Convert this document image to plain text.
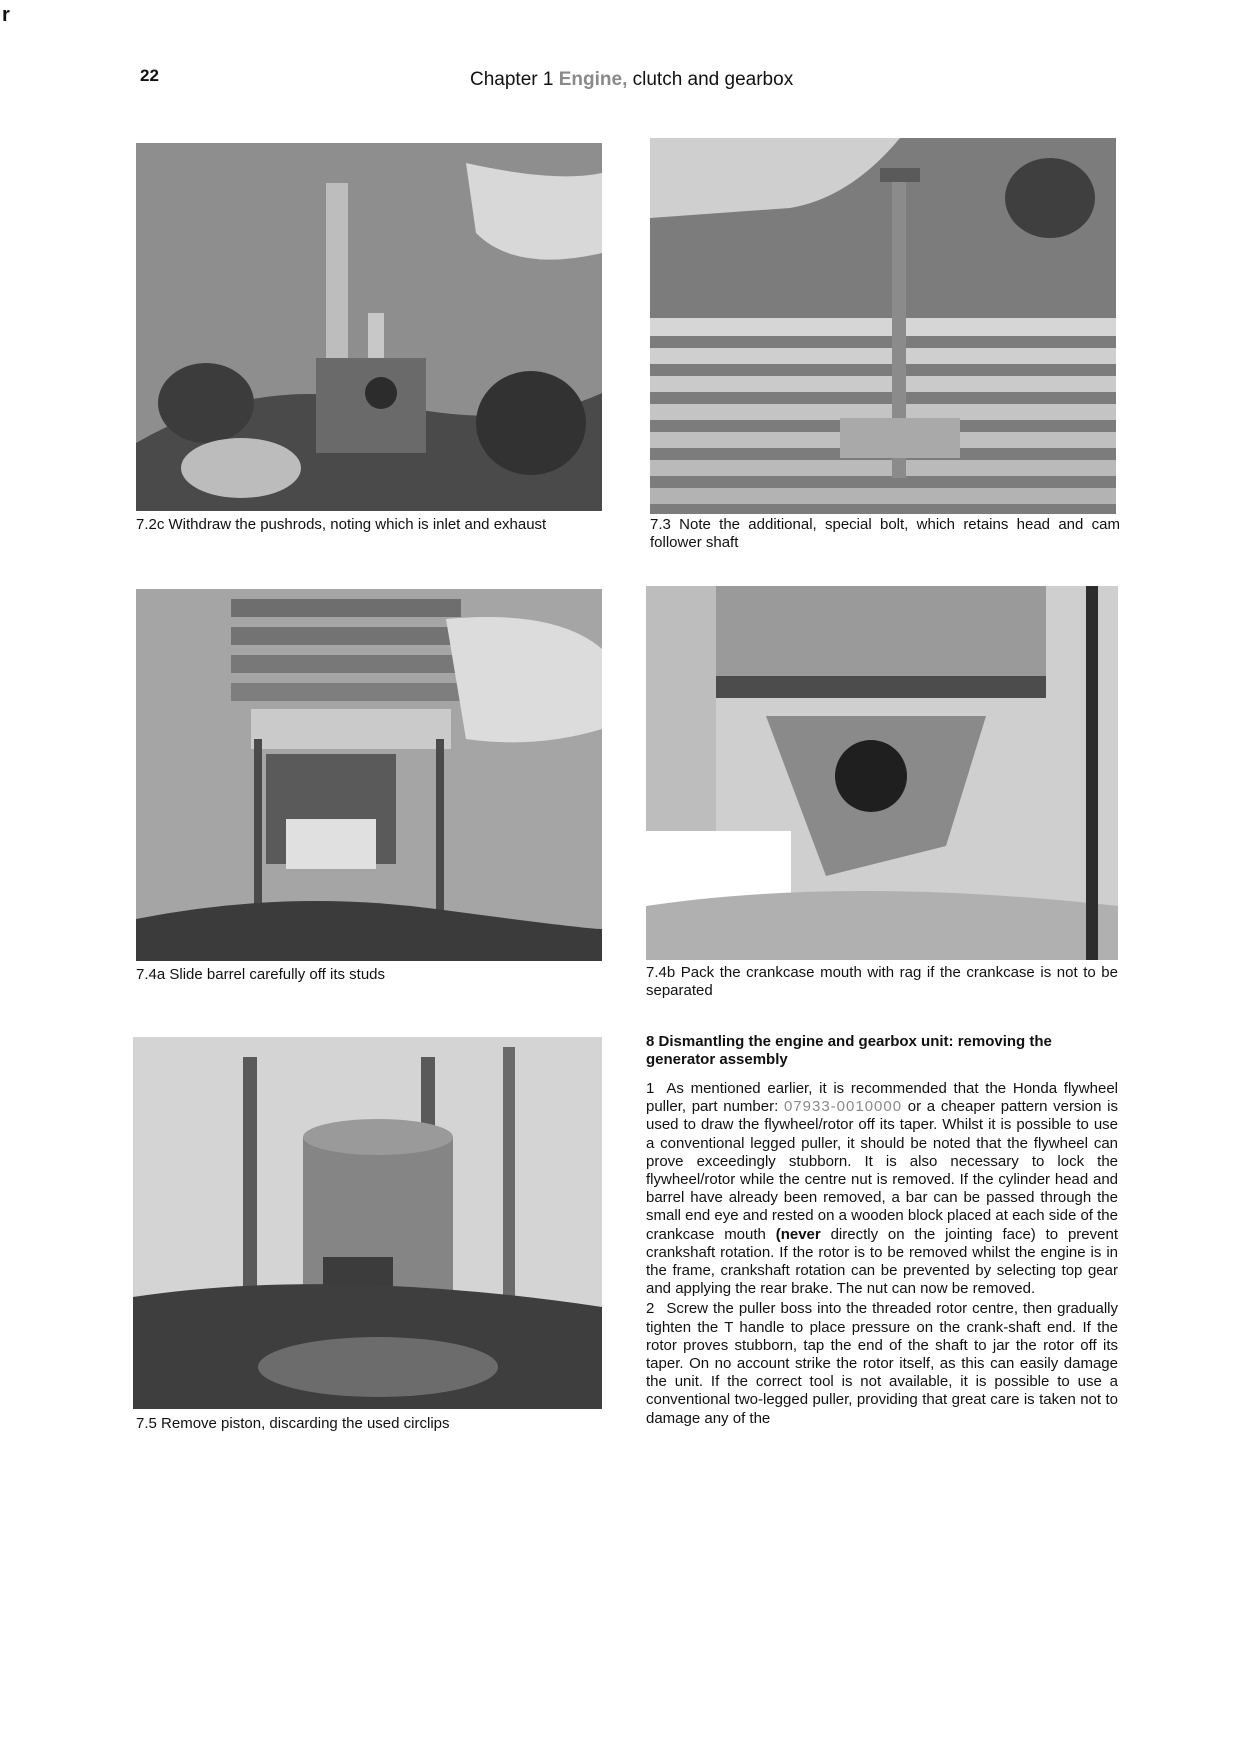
r
22	Chapter 1 Engine, clutch and gearbox
7.2c Withdraw the pushrods, noting which is inlet and exhaust	7.3 Note the additional, special bolt, which retains head and cam follower shaft
7.4a Slide barrel carefully off its studs	7.4b Pack the crankcase mouth with rag if the crankcase is not to be separated
7.5 Remove piston, discarding the used circlips
8 Dismantling the engine and gearbox unit: removing the generator assembly

1 As mentioned earlier, it is recommended that the Honda flywheel puller, part number: 07933-0010000 or a cheaper pattern version is used to draw the flywheel/rotor off its taper. Whilst it is possible to use a conventional legged puller, it should be noted that the flywheel can prove exceedingly stubborn. It is also necessary to lock the flywheel/rotor while the centre nut is removed. If the cylinder head and barrel have already been removed, a bar can be passed through the small end eye and rested on a wooden block placed at each side of the crankcase mouth (never directly on the jointing face) to prevent crankshaft rotation. If the rotor is to be removed whilst the engine is in the frame, crankshaft rotation can be prevented by selecting top gear and applying the rear brake. The nut can now be removed.

2 Screw the puller boss into the threaded rotor centre, then gradually tighten the T handle to place pressure on the crank-shaft end. If the rotor proves stubborn, tap the end of the shaft to jar the rotor off its taper. On no account strike the rotor itself, as this can easily damage the unit. If the correct tool is not available, it is possible to use a conventional two-legged puller, providing that great care is taken not to damage any of the
